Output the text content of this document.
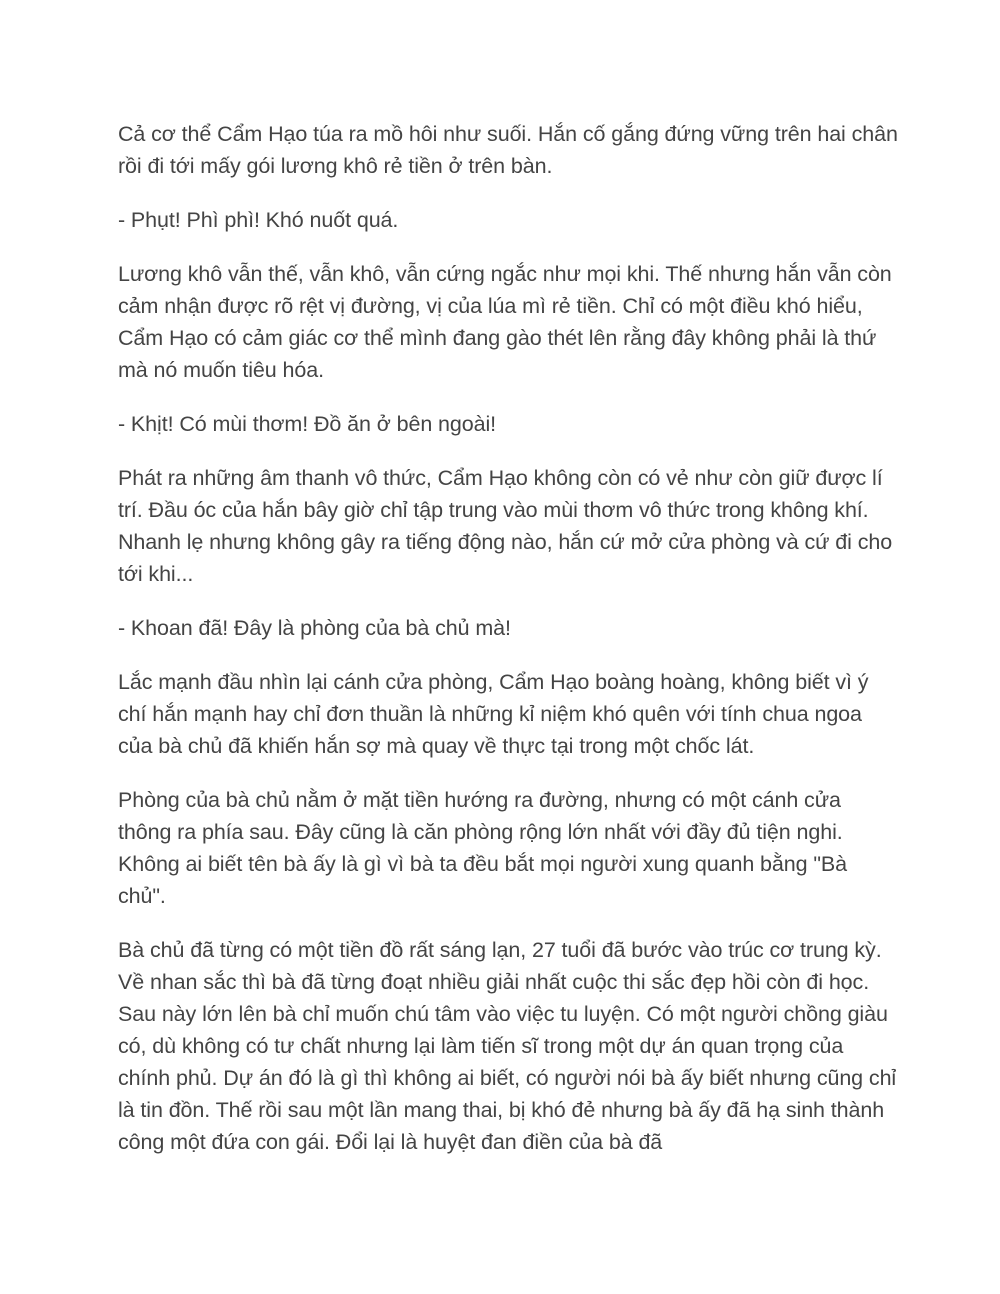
Cả cơ thể Cẩm Hạo túa ra mồ hôi như suối. Hắn cố gắng đứng vững trên hai chân rồi đi tới mấy gói lương khô rẻ tiền ở trên bàn.

- Phụt! Phì phì! Khó nuốt quá.

Lương khô vẫn thế, vẫn khô, vẫn cứng ngắc như mọi khi. Thế nhưng hắn vẫn còn cảm nhận được rõ rệt vị đường, vị của lúa mì rẻ tiền. Chỉ có một điều khó hiểu, Cẩm Hạo có cảm giác cơ thể mình đang gào thét lên rằng đây không phải là thứ mà nó muốn tiêu hóa.

- Khịt! Có mùi thơm! Đồ ăn ở bên ngoài!

Phát ra những âm thanh vô thức, Cẩm Hạo không còn có vẻ như còn giữ được lí trí. Đầu óc của hắn bây giờ chỉ tập trung vào mùi thơm vô thức trong không khí. Nhanh lẹ nhưng không gây ra tiếng động nào, hắn cứ mở cửa phòng và cứ đi cho tới khi...

- Khoan đã! Đây là phòng của bà chủ mà!

Lắc mạnh đầu nhìn lại cánh cửa phòng, Cẩm Hạo boàng hoàng, không biết vì ý chí hắn mạnh hay chỉ đơn thuần là những kỉ niệm khó quên với tính chua ngoa của bà chủ đã khiến hắn sợ mà quay về thực tại trong một chốc lát.

Phòng của bà chủ nằm ở mặt tiền hướng ra đường, nhưng có một cánh cửa thông ra phía sau. Đây cũng là căn phòng rộng lớn nhất với đầy đủ tiện nghi. Không ai biết tên bà ấy là gì vì bà ta đều bắt mọi người xung quanh bằng "Bà chủ".

Bà chủ đã từng có một tiền đồ rất sáng lạn, 27 tuổi đã bước vào trúc cơ trung kỳ. Về nhan sắc thì bà đã từng đoạt nhiều giải nhất cuộc thi sắc đẹp hồi còn đi học. Sau này lớn lên bà chỉ muốn chú tâm vào việc tu luyện. Có một người chồng giàu có, dù không có tư chất nhưng lại làm tiến sĩ trong một dự án quan trọng của chính phủ. Dự án đó là gì thì không ai biết, có người nói bà ấy biết nhưng cũng chỉ là tin đồn. Thế rồi sau một lần mang thai, bị khó đẻ nhưng bà ấy đã hạ sinh thành công một đứa con gái. Đổi lại là huyệt đan điền của bà đã
